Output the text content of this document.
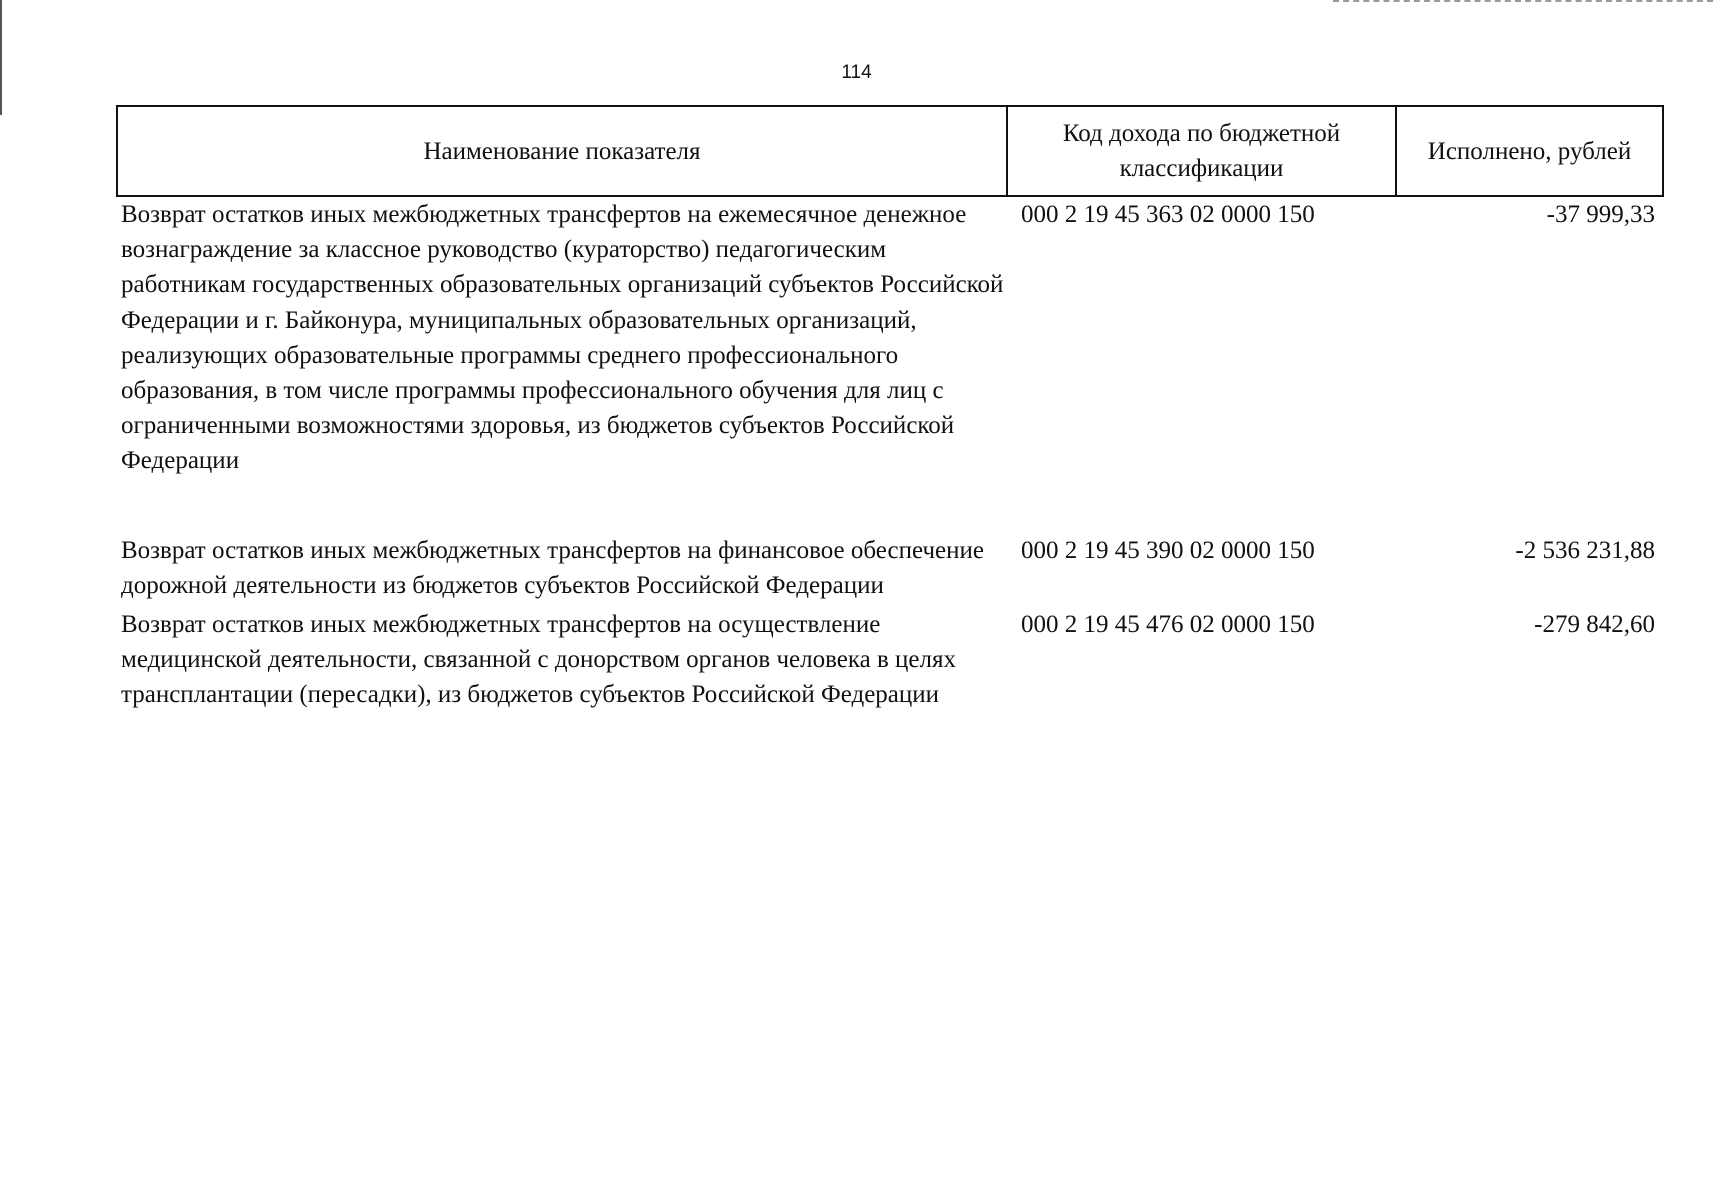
114
Наименование показателя	Код дохода по бюджетной классификации	Исполнено, рублей
Возврат остатков иных межбюджетных трансфертов на ежемесячное денежное вознаграждение за классное руководство (кураторство) педагогическим работникам государственных образовательных организаций субъектов Российской Федерации и г. Байконура, муниципальных образовательных организаций, реализующих образовательные программы среднего профессионального образования, в том числе программы профессионального обучения для лиц с ограниченными возможностями здоровья, из бюджетов субъектов Российской Федерации	000 2 19 45 363 02 0000 150	-37 999,33
Возврат остатков иных межбюджетных трансфертов на финансовое обеспечение дорожной деятельности из бюджетов субъектов Российской Федерации	000 2 19 45 390 02 0000 150	-2 536 231,88
Возврат остатков иных межбюджетных трансфертов на осуществление медицинской деятельности, связанной с донорством органов человека в целях трансплантации (пересадки), из бюджетов субъектов Российской Федерации	000 2 19 45 476 02 0000 150	-279 842,60
